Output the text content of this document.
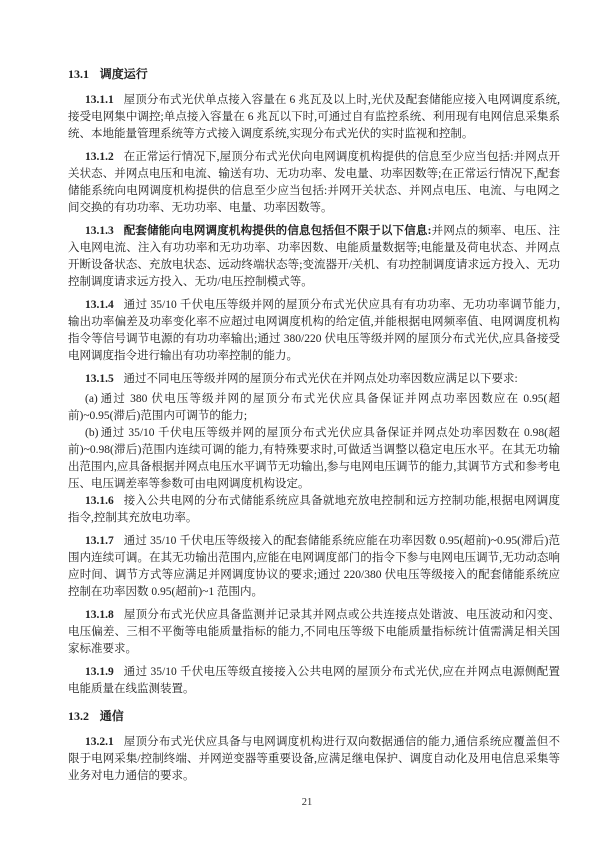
13.1 调度运行

13.1.1 屋顶分布式光伏单点接入容量在 6 兆瓦及以上时,光伏及配套储能应接入电网调度系统,接受电网集中调控;单点接入容量在 6 兆瓦以下时,可通过自有监控系统、利用现有电网信息采集系统、本地能量管理系统等方式接入调度系统,实现分布式光伏的实时监视和控制。

13.1.2 在正常运行情况下,屋顶分布式光伏向电网调度机构提供的信息至少应当包括:并网点开关状态、并网点电压和电流、输送有功、无功功率、发电量、功率因数等;在正常运行情况下,配套储能系统向电网调度机构提供的信息至少应当包括:并网开关状态、并网点电压、电流、与电网之间交换的有功功率、无功功率、电量、功率因数等。

13.1.3 配套储能向电网调度机构提供的信息包括但不限于以下信息:并网点的频率、电压、注入电网电流、注入有功功率和无功功率、功率因数、电能质量数据等;电能量及荷电状态、并网点开断设备状态、充放电状态、远动终端状态等;变流器开/关机、有功控制调度请求远方投入、无功控制调度请求远方投入、无功/电压控制模式等。

13.1.4 通过 35/10 千伏电压等级并网的屋顶分布式光伏应具有有功功率、无功功率调节能力,输出功率偏差及功率变化率不应超过电网调度机构的给定值,并能根据电网频率值、电网调度机构指令等信号调节电源的有功功率输出;通过 380/220 伏电压等级并网的屋顶分布式光伏,应具备接受电网调度指令进行输出有功功率控制的能力。

13.1.5 通过不同电压等级并网的屋顶分布式光伏在并网点处功率因数应满足以下要求:

(a) 通过 380 伏电压等级并网的屋顶分布式光伏应具备保证并网点功率因数应在 0.95(超前)~0.95(滞后)范围内可调节的能力;

(b) 通过 35/10 千伏电压等级并网的屋顶分布式光伏应具备保证并网点处功率因数在 0.98(超前)~0.98(滞后)范围内连续可调的能力,有特殊要求时,可做适当调整以稳定电压水平。在其无功输出范围内,应具备根据并网点电压水平调节无功输出,参与电网电压调节的能力,其调节方式和参考电压、电压调差率等参数可由电网调度机构设定。

13.1.6 接入公共电网的分布式储能系统应具备就地充放电控制和远方控制功能,根据电网调度指令,控制其充放电功率。

13.1.7 通过 35/10 千伏电压等级接入的配套储能系统应能在功率因数 0.95(超前)~0.95(滞后)范围内连续可调。在其无功输出范围内,应能在电网调度部门的指令下参与电网电压调节,无功动态响应时间、调节方式等应满足并网调度协议的要求;通过 220/380 伏电压等级接入的配套储能系统应控制在功率因数 0.95(超前)~1 范围内。

13.1.8 屋顶分布式光伏应具备监测并记录其并网点或公共连接点处谐波、电压波动和闪变、电压偏差、三相不平衡等电能质量指标的能力,不同电压等级下电能质量指标统计值需满足相关国家标准要求。

13.1.9 通过 35/10 千伏电压等级直接接入公共电网的屋顶分布式光伏,应在并网点电源侧配置电能质量在线监测装置。

13.2 通信

13.2.1 屋顶分布式光伏应具备与电网调度机构进行双向数据通信的能力,通信系统应覆盖但不限于电网采集/控制终端、并网逆变器等重要设备,应满足继电保护、调度自动化及用电信息采集等业务对电力通信的要求。

21
